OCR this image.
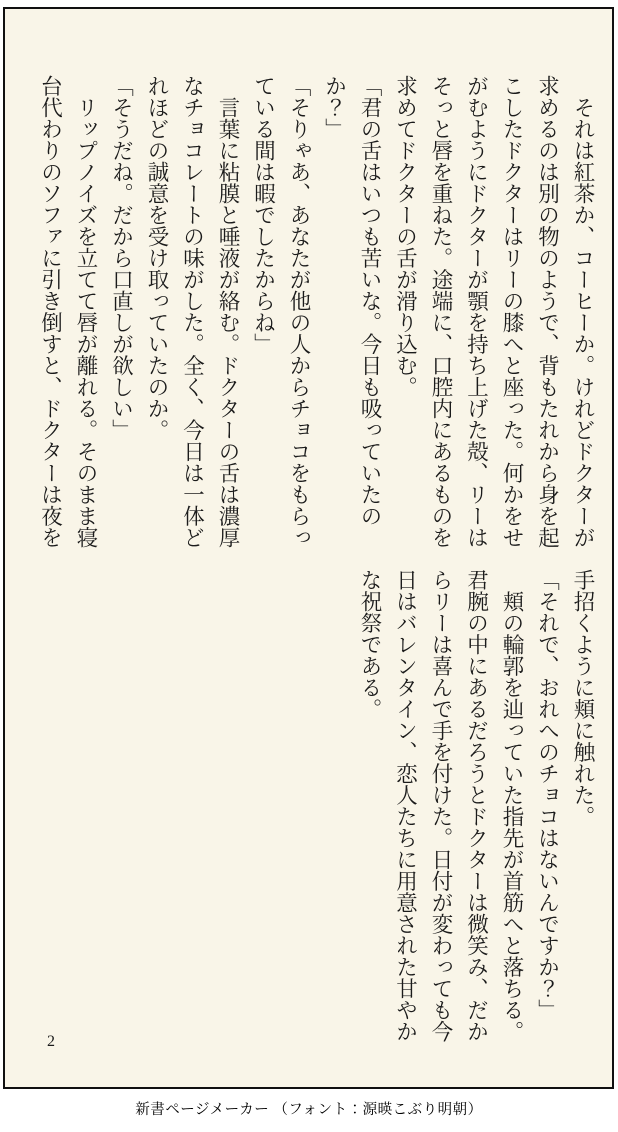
　それは紅茶か、コーヒーか。けれどドクターが
求めるのは別の物のようで、背もたれから身を起
こしたドクターはリーの膝へと座った。何かをせ
がむようにドクターが顎を持ち上げた殻、リーは
そっと唇を重ねた。途端に、口腔内にあるものを
求めてドクターの舌が滑り込む。
「君の舌はいつも苦いな。今日も吸っていたの
か？」
「そりゃあ、あなたが他の人からチョコをもらっ
ている間は暇でしたからね」
　言葉に粘膜と唾液が絡む。ドクターの舌は濃厚
なチョコレートの味がした。全く、今日は一体ど
れほどの誠意を受け取っていたのか。
「そうだね。だから口直しが欲しい」
　リップノイズを立てて唇が離れる。そのまま寝
台代わりのソファに引き倒すと、ドクターは夜を
手招くように頬に触れた。
「それで、おれへのチョコはないんですか？」
　頬の輪郭を辿っていた指先が首筋へと落ちる。
君腕の中にあるだろうとドクターは微笑み、だか
らリーは喜んで手を付けた。日付が変わっても今
日はバレンタイン、恋人たちに用意された甘やか
な祝祭である。
2
新書ページメーカー （フォント：源暎こぶり明朝）
